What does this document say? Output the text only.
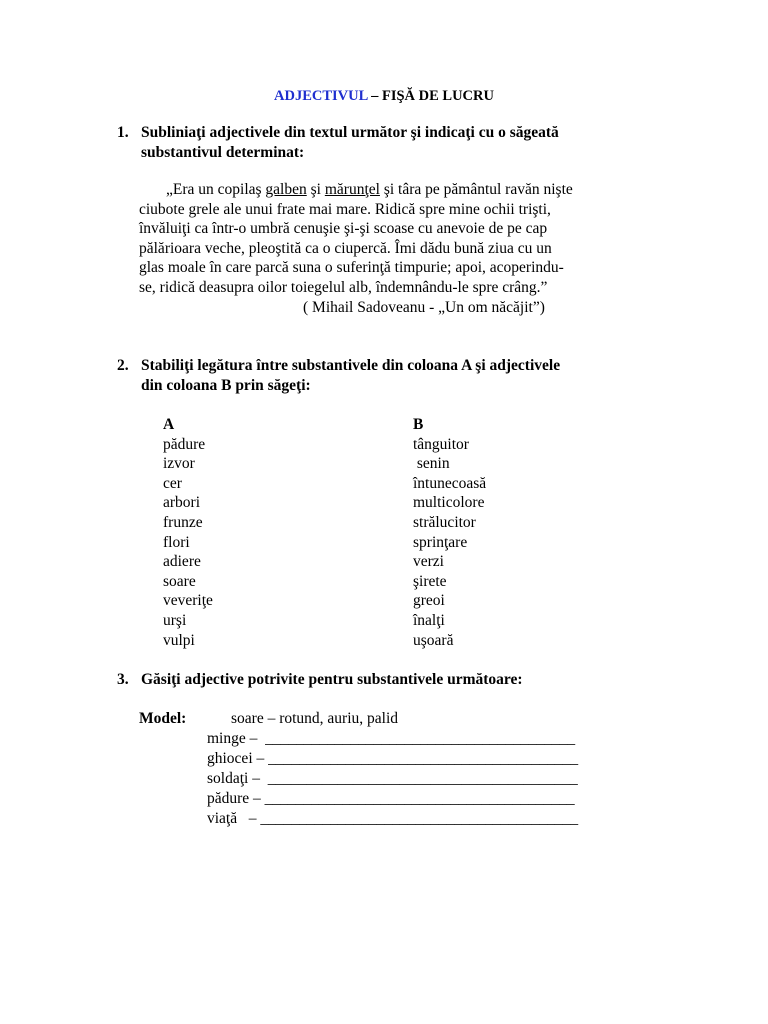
ADJECTIVUL – FIŞĂ DE LUCRU
1. Subliniaţi adjectivele din textul următor şi indicaţi cu o săgeată
substantivul determinat:
„Era un copilaş galben şi mărunţel şi târa pe pământul ravăn nişte
ciubote grele ale unui frate mai mare. Ridică spre mine ochii trişti,
învăluiţi ca într-o umbră cenuşie şi-şi scoase cu anevoie de pe cap
pălărioara veche, pleoştită ca o ciupercă. Îmi dădu bună ziua cu un
glas moale în care parcă suna o suferinţă timpurie; apoi, acoperindu-
se, ridică deasupra oilor toiegelul alb, îndemnându-le spre crâng.”
( Mihail Sadoveanu - „Un om năcăjit”)
2. Stabiliţi legătura între substantivele din coloana A şi adjectivele
din coloana B prin săgeţi:
A
pădure
izvor
cer
arbori
frunze
flori
adiere
soare
veveriţe
urşi
vulpi
B
tânguitor
senin
întunecoasă
multicolore
strălucitor
sprinţare
verzi
şirete
greoi
înalţi
uşoară
3. Găsiţi adjective potrivite pentru substantivele următoare:
Model:	soare – rotund, auriu, palid
minge –  ________________________________________
ghiocei – ________________________________________
soldaţi –  ________________________________________
pădure – ________________________________________
viaţă   – _________________________________________
